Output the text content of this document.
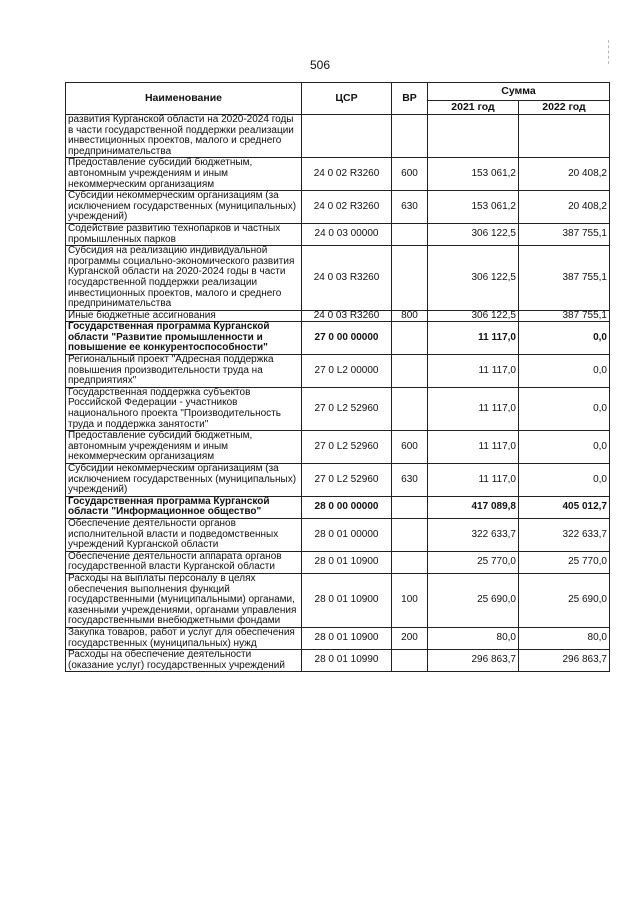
506
Наименование	ЦСР	ВР	Сумма	
			2021 год	2022 год
развития Курганской области на 2020-2024 годы в части государственной поддержки реализации инвестиционных проектов, малого и среднего предпринимательства				
Предоставление субсидий бюджетным, автономным учреждениям и иным некоммерческим организациям	24 0 02 R3260	600	153 061,2	20 408,2
Субсидии некоммерческим организациям (за исключением государственных (муниципальных) учреждений)	24 0 02 R3260	630	153 061,2	20 408,2
Содействие развитию технопарков и частных промышленных парков	24 0 03 00000		306 122,5	387 755,1
Субсидия на реализацию индивидуальной программы социально-экономического развития Курганской области на 2020-2024 годы в части государственной поддержки реализации инвестиционных проектов, малого и среднего предпринимательства	24 0 03 R3260		306 122,5	387 755,1
Иные бюджетные ассигнования	24 0 03 R3260	800	306 122,5	387 755,1
Государственная программа Курганской области "Развитие промышленности и повышение ее конкурентоспособности"	27 0 00 00000		11 117,0	0,0
Региональный проект "Адресная поддержка повышения производительности труда на предприятиях"	27 0 L2 00000		11 117,0	0,0
Государственная поддержка субъектов Российской Федерации - участников национального проекта "Производительность труда и поддержка занятости"	27 0 L2 52960		11 117,0	0,0
Предоставление субсидий бюджетным, автономным учреждениям и иным некоммерческим организациям	27 0 L2 52960	600	11 117,0	0,0
Субсидии некоммерческим организациям (за исключением государственных (муниципальных) учреждений)	27 0 L2 52960	630	11 117,0	0,0
Государственная программа Курганской области "Информационное общество"	28 0 00 00000		417 089,8	405 012,7
Обеспечение деятельности органов исполнительной власти и подведомственных учреждений Курганской области	28 0 01 00000		322 633,7	322 633,7
Обеспечение деятельности аппарата органов государственной власти Курганской области	28 0 01 10900		25 770,0	25 770,0
Расходы на выплаты персоналу в целях обеспечения выполнения функций государственными (муниципальными) органами, казенными учреждениями, органами управления государственными внебюджетными фондами	28 0 01 10900	100	25 690,0	25 690,0
Закупка товаров, работ и услуг для обеспечения государственных (муниципальных) нужд	28 0 01 10900	200	80,0	80,0
Расходы на обеспечение деятельности (оказание услуг) государственных учреждений	28 0 01 10990		296 863,7	296 863,7
